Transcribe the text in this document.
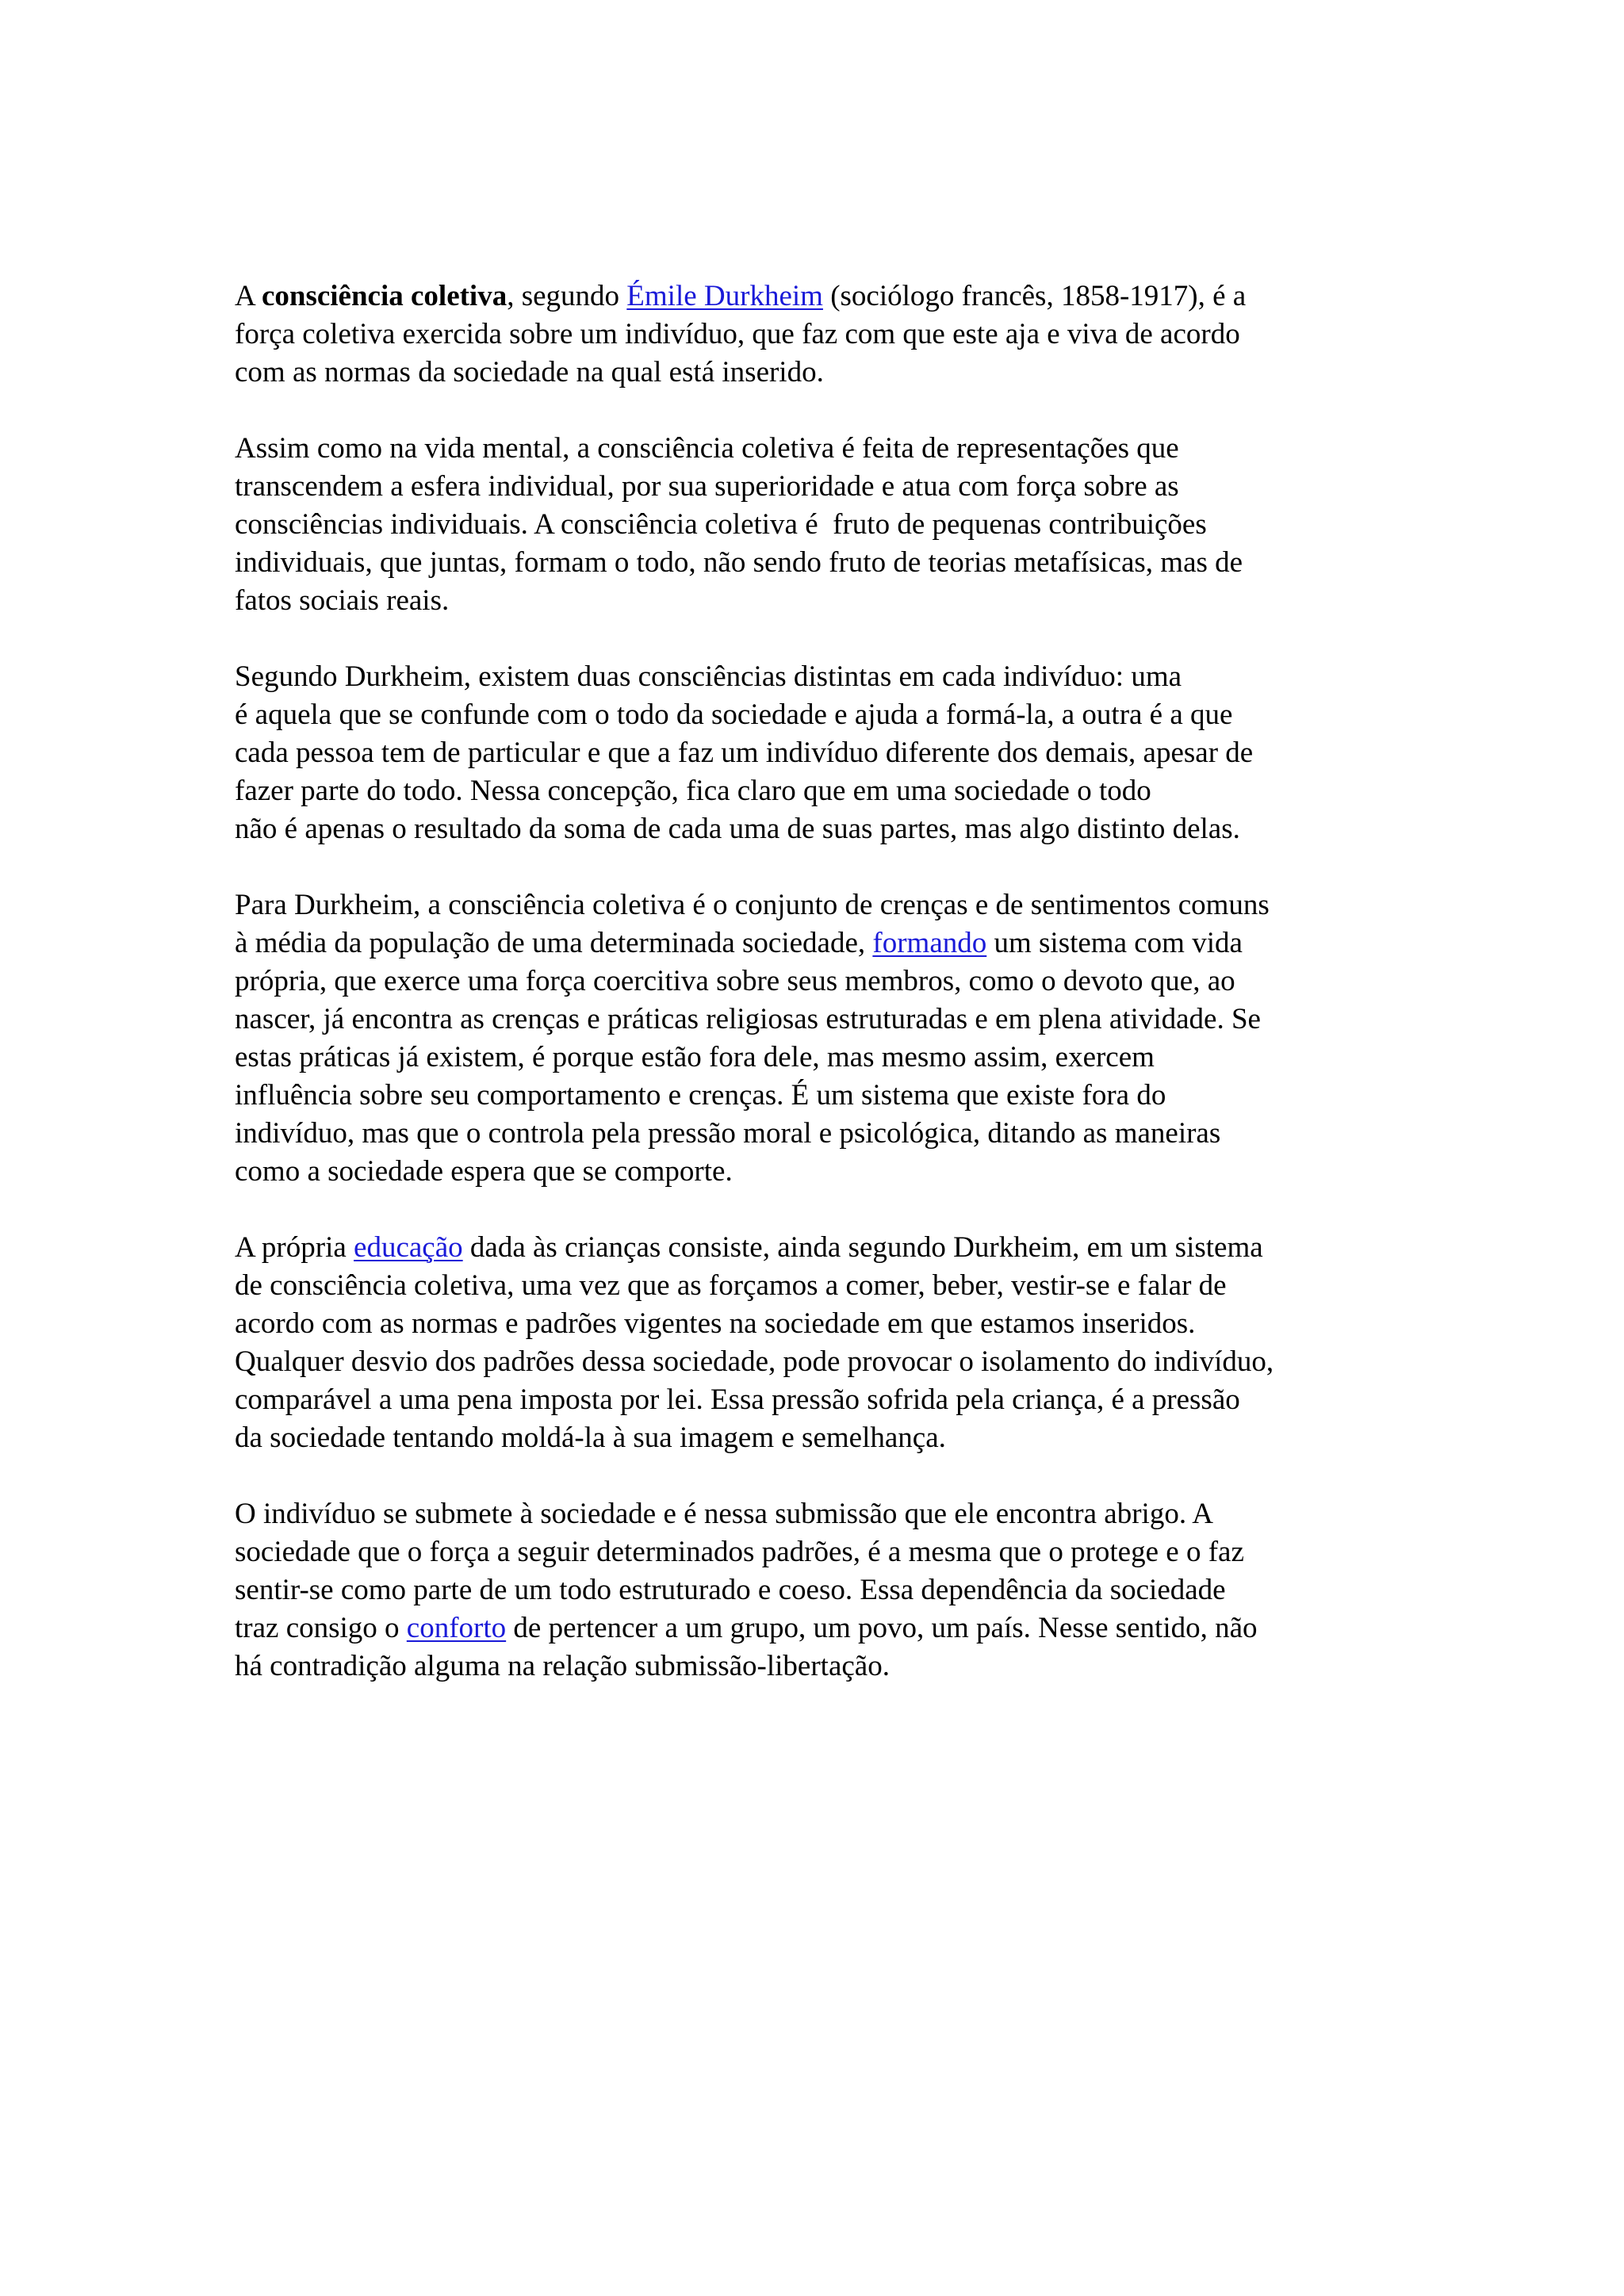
A consciência coletiva, segundo Émile Durkheim (sociólogo francês, 1858-1917), é a
força coletiva exercida sobre um indivíduo, que faz com que este aja e viva de acordo
com as normas da sociedade na qual está inserido.

Assim como na vida mental, a consciência coletiva é feita de representações que
transcendem a esfera individual, por sua superioridade e atua com força sobre as
consciências individuais. A consciência coletiva é  fruto de pequenas contribuições
individuais, que juntas, formam o todo, não sendo fruto de teorias metafísicas, mas de
fatos sociais reais.

Segundo Durkheim, existem duas consciências distintas em cada indivíduo: uma
é aquela que se confunde com o todo da sociedade e ajuda a formá-la, a outra é a que
cada pessoa tem de particular e que a faz um indivíduo diferente dos demais, apesar de
fazer parte do todo. Nessa concepção, fica claro que em uma sociedade o todo
não é apenas o resultado da soma de cada uma de suas partes, mas algo distinto delas.

Para Durkheim, a consciência coletiva é o conjunto de crenças e de sentimentos comuns
à média da população de uma determinada sociedade, formando um sistema com vida
própria, que exerce uma força coercitiva sobre seus membros, como o devoto que, ao
nascer, já encontra as crenças e práticas religiosas estruturadas e em plena atividade. Se
estas práticas já existem, é porque estão fora dele, mas mesmo assim, exercem
influência sobre seu comportamento e crenças. É um sistema que existe fora do
indivíduo, mas que o controla pela pressão moral e psicológica, ditando as maneiras
como a sociedade espera que se comporte.

A própria educação dada às crianças consiste, ainda segundo Durkheim, em um sistema
de consciência coletiva, uma vez que as forçamos a comer, beber, vestir-se e falar de
acordo com as normas e padrões vigentes na sociedade em que estamos inseridos.
Qualquer desvio dos padrões dessa sociedade, pode provocar o isolamento do indivíduo,
comparável a uma pena imposta por lei. Essa pressão sofrida pela criança, é a pressão
da sociedade tentando moldá-la à sua imagem e semelhança.

O indivíduo se submete à sociedade e é nessa submissão que ele encontra abrigo. A
sociedade que o força a seguir determinados padrões, é a mesma que o protege e o faz
sentir-se como parte de um todo estruturado e coeso. Essa dependência da sociedade
traz consigo o conforto de pertencer a um grupo, um povo, um país. Nesse sentido, não
há contradição alguma na relação submissão-libertação.
